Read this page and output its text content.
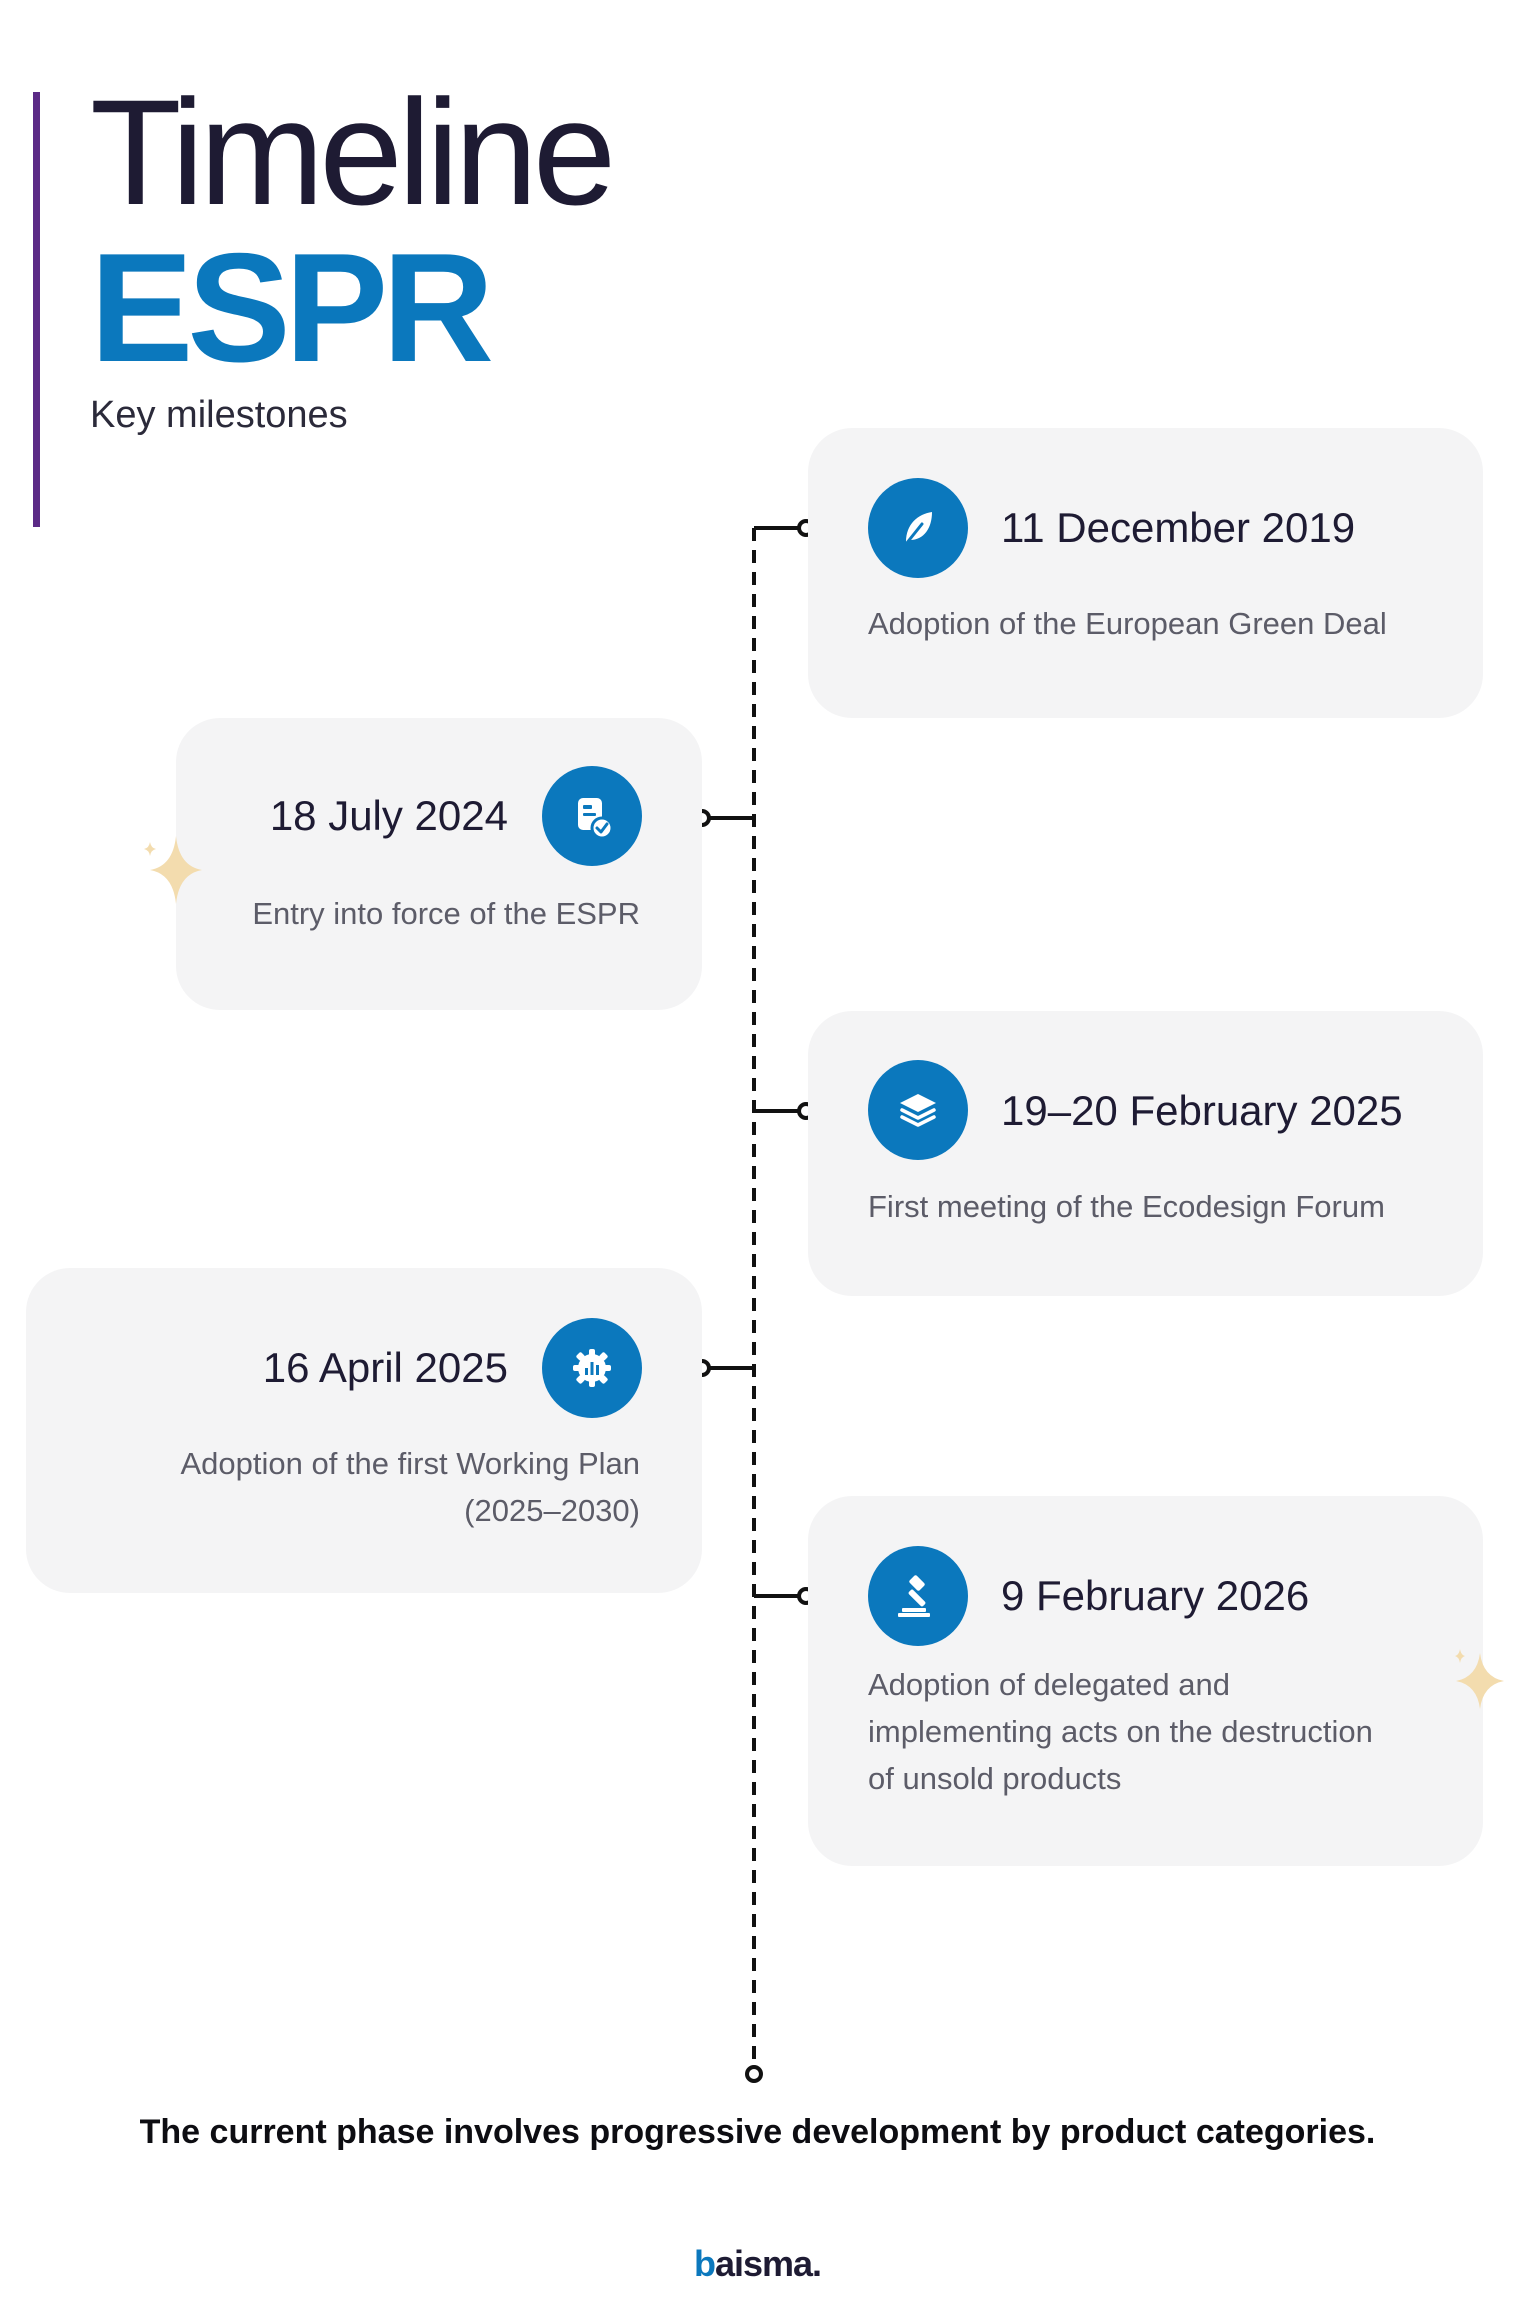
Timeline
ESPR
Key milestones
11 December 2019
Adoption of the European Green Deal
18 July 2024
Entry into force of the ESPR
19–20 February 2025
First meeting of the Ecodesign Forum
16 April 2025
Adoption of the first Working Plan
(2025–2030)
9 February 2026
Adoption of delegated and
implementing acts on the destruction
of unsold products
The current phase involves progressive development by product categories.
baisma.
